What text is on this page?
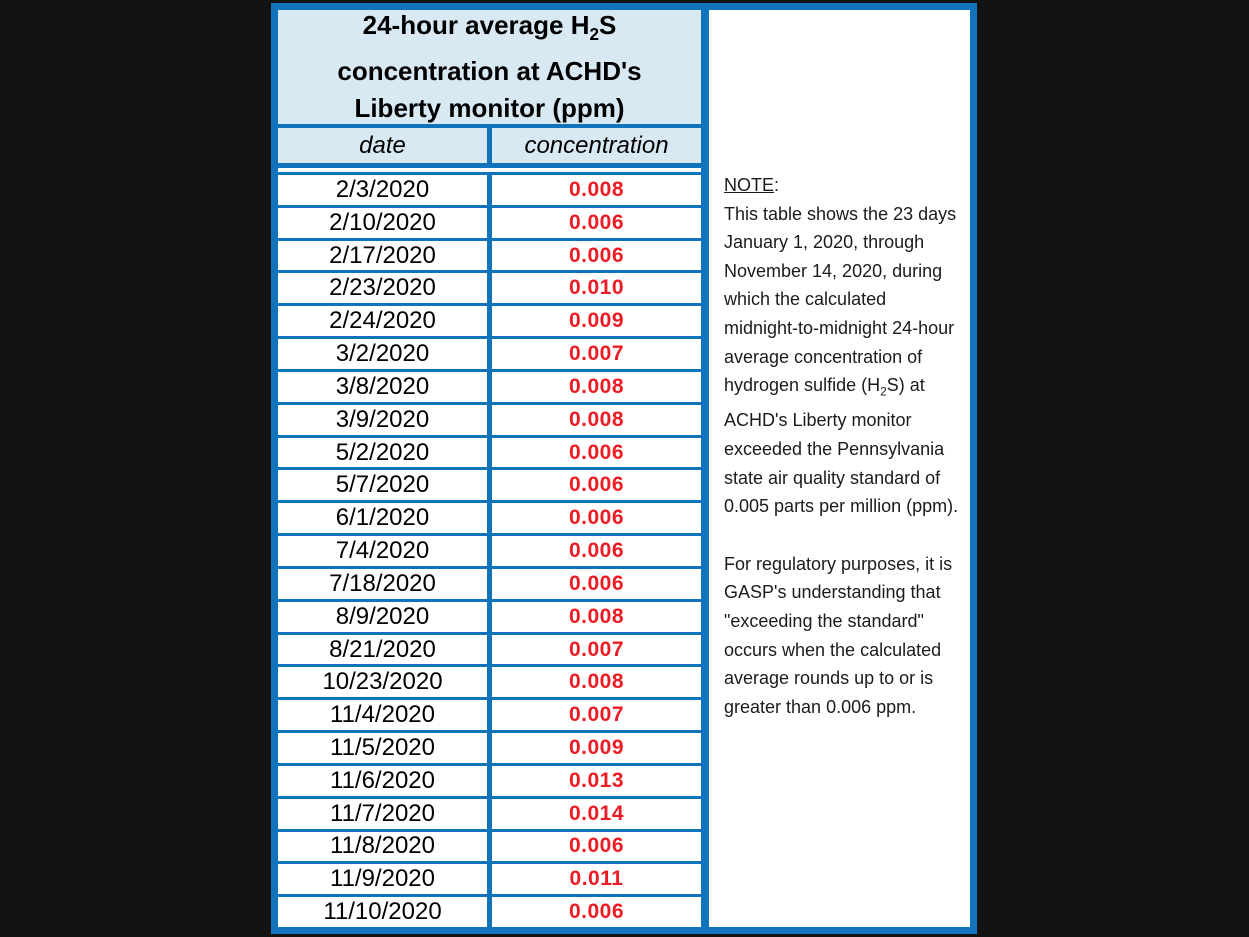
24-hour average $H_2S$
concentration at ACHD's
Liberty monitor (ppm)
date	concentration
2/3/2020	0.008
2/10/2020	0.006
2/17/2020	0.006
2/23/2020	0.010
2/24/2020	0.009
3/2/2020	0.007
3/8/2020	0.008
3/9/2020	0.008
5/2/2020	0.006
5/7/2020	0.006
6/1/2020	0.006
7/4/2020	0.006
7/18/2020	0.006
8/9/2020	0.008
8/21/2020	0.007
10/23/2020	0.008
11/4/2020	0.007
11/5/2020	0.009
11/6/2020	0.013
11/7/2020	0.014
11/8/2020	0.006
11/9/2020	0.011
11/10/2020	0.006
NOTE:
This table shows the 23 days January 1, 2020, through November 14, 2020, during which the calculated midnight-to-midnight 24-hour average concentration of hydrogen sulfide $(H_2S)$ at ACHD's Liberty monitor exceeded the Pennsylvania state air quality standard of 0.005 parts per million (ppm).
For regulatory purposes, it is GASP's understanding that "exceeding the standard" occurs when the calculated average rounds up to or is greater than 0.006 ppm.
